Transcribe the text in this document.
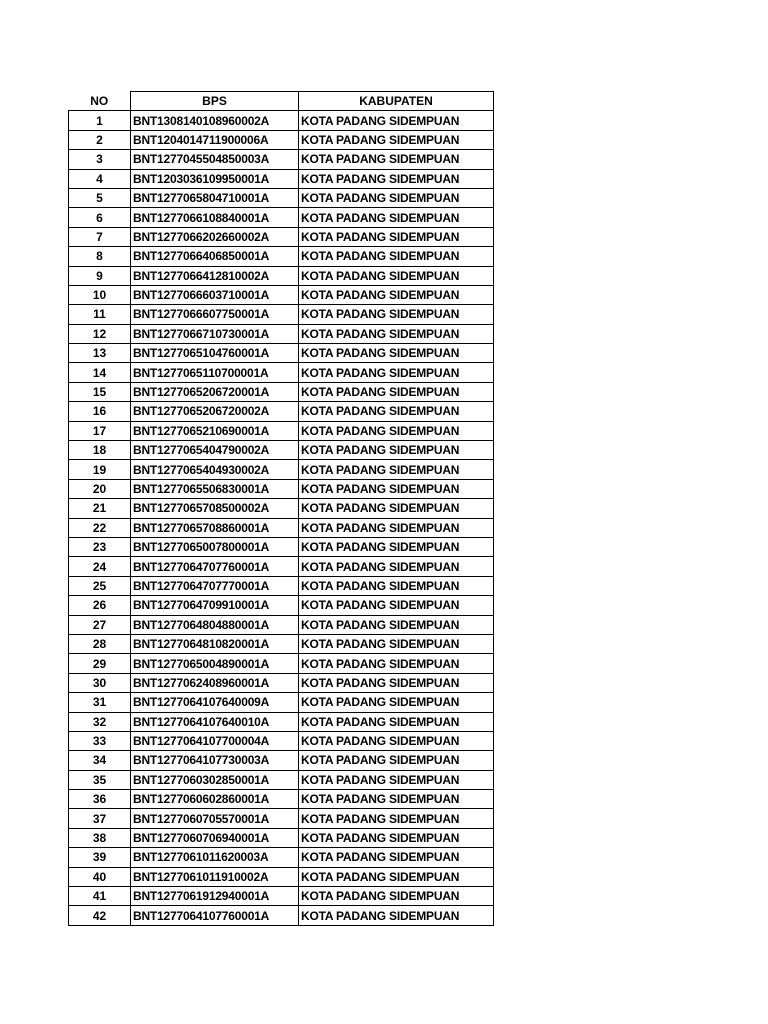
NO	BPS	KABUPATEN
1	BNT1308140108960002A	KOTA PADANG SIDEMPUAN
2	BNT1204014711900006A	KOTA PADANG SIDEMPUAN
3	BNT1277045504850003A	KOTA PADANG SIDEMPUAN
4	BNT1203036109950001A	KOTA PADANG SIDEMPUAN
5	BNT1277065804710001A	KOTA PADANG SIDEMPUAN
6	BNT1277066108840001A	KOTA PADANG SIDEMPUAN
7	BNT1277066202660002A	KOTA PADANG SIDEMPUAN
8	BNT1277066406850001A	KOTA PADANG SIDEMPUAN
9	BNT1277066412810002A	KOTA PADANG SIDEMPUAN
10	BNT1277066603710001A	KOTA PADANG SIDEMPUAN
11	BNT1277066607750001A	KOTA PADANG SIDEMPUAN
12	BNT1277066710730001A	KOTA PADANG SIDEMPUAN
13	BNT1277065104760001A	KOTA PADANG SIDEMPUAN
14	BNT1277065110700001A	KOTA PADANG SIDEMPUAN
15	BNT1277065206720001A	KOTA PADANG SIDEMPUAN
16	BNT1277065206720002A	KOTA PADANG SIDEMPUAN
17	BNT1277065210690001A	KOTA PADANG SIDEMPUAN
18	BNT1277065404790002A	KOTA PADANG SIDEMPUAN
19	BNT1277065404930002A	KOTA PADANG SIDEMPUAN
20	BNT1277065506830001A	KOTA PADANG SIDEMPUAN
21	BNT1277065708500002A	KOTA PADANG SIDEMPUAN
22	BNT1277065708860001A	KOTA PADANG SIDEMPUAN
23	BNT1277065007800001A	KOTA PADANG SIDEMPUAN
24	BNT1277064707760001A	KOTA PADANG SIDEMPUAN
25	BNT1277064707770001A	KOTA PADANG SIDEMPUAN
26	BNT1277064709910001A	KOTA PADANG SIDEMPUAN
27	BNT1277064804880001A	KOTA PADANG SIDEMPUAN
28	BNT1277064810820001A	KOTA PADANG SIDEMPUAN
29	BNT1277065004890001A	KOTA PADANG SIDEMPUAN
30	BNT1277062408960001A	KOTA PADANG SIDEMPUAN
31	BNT1277064107640009A	KOTA PADANG SIDEMPUAN
32	BNT1277064107640010A	KOTA PADANG SIDEMPUAN
33	BNT1277064107700004A	KOTA PADANG SIDEMPUAN
34	BNT1277064107730003A	KOTA PADANG SIDEMPUAN
35	BNT1277060302850001A	KOTA PADANG SIDEMPUAN
36	BNT1277060602860001A	KOTA PADANG SIDEMPUAN
37	BNT1277060705570001A	KOTA PADANG SIDEMPUAN
38	BNT1277060706940001A	KOTA PADANG SIDEMPUAN
39	BNT1277061011620003A	KOTA PADANG SIDEMPUAN
40	BNT1277061011910002A	KOTA PADANG SIDEMPUAN
41	BNT1277061912940001A	KOTA PADANG SIDEMPUAN
42	BNT1277064107760001A	KOTA PADANG SIDEMPUAN
